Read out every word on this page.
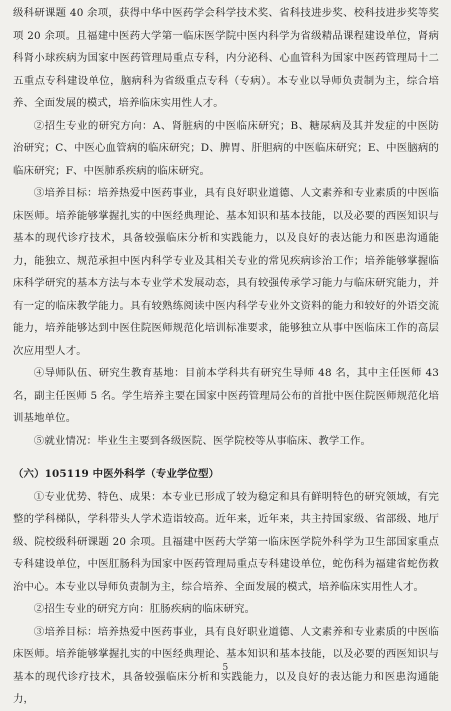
级科研课题 40 余项，获得中华中医药学会科学技术奖、省科技进步奖、校科技进步奖等奖项 20 余项。且福建中医药大学第一临床医学院中医内科学为省级精品课程建设单位，肾病科肾小球疾病为国家中医药管理局重点专科，内分泌科、心血管科为国家中医药管理局十二五重点专科建设单位，脑病科为省级重点专科（专病）。本专业以导师负责制为主，综合培养、全面发展的模式，培养临床实用性人才。

②招生专业的研究方向：A、肾脏病的中医临床研究；B、糖尿病及其并发症的中医防治研究；C、中医心血管病的临床研究；D、脾胃、肝胆病的中医临床研究；E、中医脑病的临床研究；F、中医肺系疾病的临床研究。

③培养目标：培养热爱中医药事业，具有良好职业道德、人文素养和专业素质的中医临床医师。培养能够掌握扎实的中医经典理论、基本知识和基本技能，以及必要的西医知识与基本的现代诊疗技术，具备较强临床分析和实践能力，以及良好的表达能力和医患沟通能力，能独立、规范承担中医内科学专业及其相关专业的常见疾病诊治工作；培养能够掌握临床科学研究的基本方法与本专业学术发展动态，具有较强传承学习能力与临床研究能力，并有一定的临床教学能力。具有较熟练阅读中医内科学专业外文资料的能力和较好的外语交流能力，培养能够达到中医住院医师规范化培训标准要求，能够独立从事中医临床工作的高层次应用型人才。

④导师队伍、研究生教育基地：目前本学科共有研究生导师 48 名，其中主任医师 43 名，副主任医师 5 名。学生培养主要在国家中医药管理局公布的首批中医住院医师规范化培训基地单位。

⑤就业情况：毕业生主要到各级医院、医学院校等从事临床、教学工作。

（六）105119 中医外科学（专业学位型）

①专业优势、特色、成果：本专业已形成了较为稳定和具有鲜明特色的研究领域，有完整的学科梯队，学科带头人学术造诣较高。近年来，近年来，共主持国家级、省部级、地厅级、院校级科研课题 20 余项。且福建中医药大学第一临床医学院外科学为卫生部国家重点专科建设单位，中医肛肠科为国家中医药管理局重点专科建设单位，蛇伤科为福建省蛇伤救治中心。本专业以导师负责制为主，综合培养、全面发展的模式，培养临床实用性人才。

②招生专业的研究方向：肛肠疾病的临床研究。

③培养目标：培养热爱中医药事业，具有良好职业道德、人文素养和专业素质的中医临床医师。培养能够掌握扎实的中医经典理论、基本知识和基本技能，以及必要的西医知识与基本的现代诊疗技术，具备较强临床分析和实践能力，以及良好的表达能力和医患沟通能力，

5
